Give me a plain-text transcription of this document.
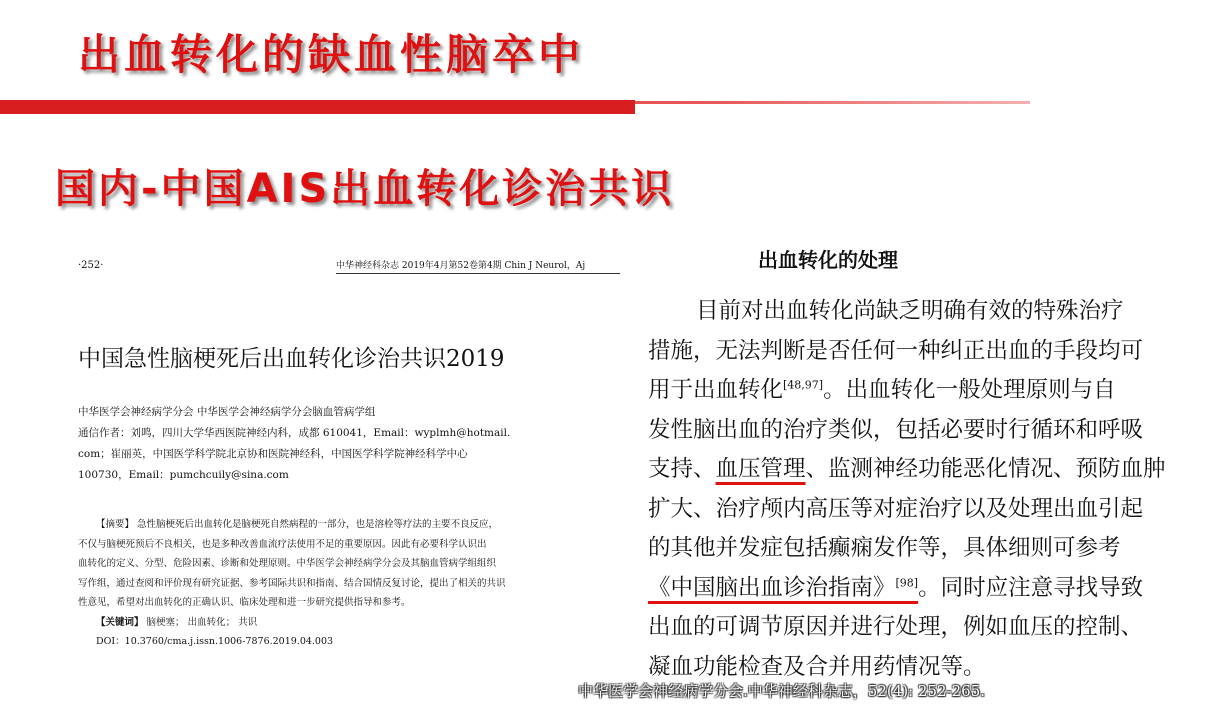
出血转化的缺血性脑卒中
国内-中国AIS出血转化诊治共识
·252·	中华神经科杂志 2019年4月第52卷第4期 Chin J Neurol，Aj
中国急性脑梗死后出血转化诊治共识2019
中华医学会神经病学分会 中华医学会神经病学分会脑血管病学组
通信作者：刘鸣，四川大学华西医院神经内科，成都 610041，Email：wyplmh@hotmail.
com；崔丽英，中国医学科学院北京协和医院神经科，中国医学科学院神经科学中心
100730，Email：pumchcuily@sina.com
【摘要】 急性脑梗死后出血转化是脑梗死自然病程的一部分，也是溶栓等疗法的主要不良反应，
不仅与脑梗死预后不良相关，也是多种改善血流疗法使用不足的重要原因。因此有必要科学认识出
血转化的定义、分型、危险因素、诊断和处理原则。中华医学会神经病学分会及其脑血管病学组组织
写作组，通过查阅和评价现有研究证据、参考国际共识和指南、结合国情反复讨论，提出了相关的共识
性意见，希望对出血转化的正确认识、临床处理和进一步研究提供指导和参考。
【关键词】 脑梗塞； 出血转化； 共识
DOI：10.3760/cma.j.issn.1006-7876.2019.04.003
出血转化的处理
目前对出血转化尚缺乏明确有效的特殊治疗
措施，无法判断是否任何一种纠正出血的手段均可
用于出血转化[48,97]。出血转化一般处理原则与自
发性脑出血的治疗类似，包括必要时行循环和呼吸
支持、血压管理、监测神经功能恶化情况、预防血肿
扩大、治疗颅内高压等对症治疗以及处理出血引起
的其他并发症包括癫痫发作等，具体细则可参考
《中国脑出血诊治指南》[98]。同时应注意寻找导致
出血的可调节原因并进行处理，例如血压的控制、
凝血功能检查及合并用药情况等。
中华医学会神经病学分会.中华神经科杂志，52(4): 252-265.
